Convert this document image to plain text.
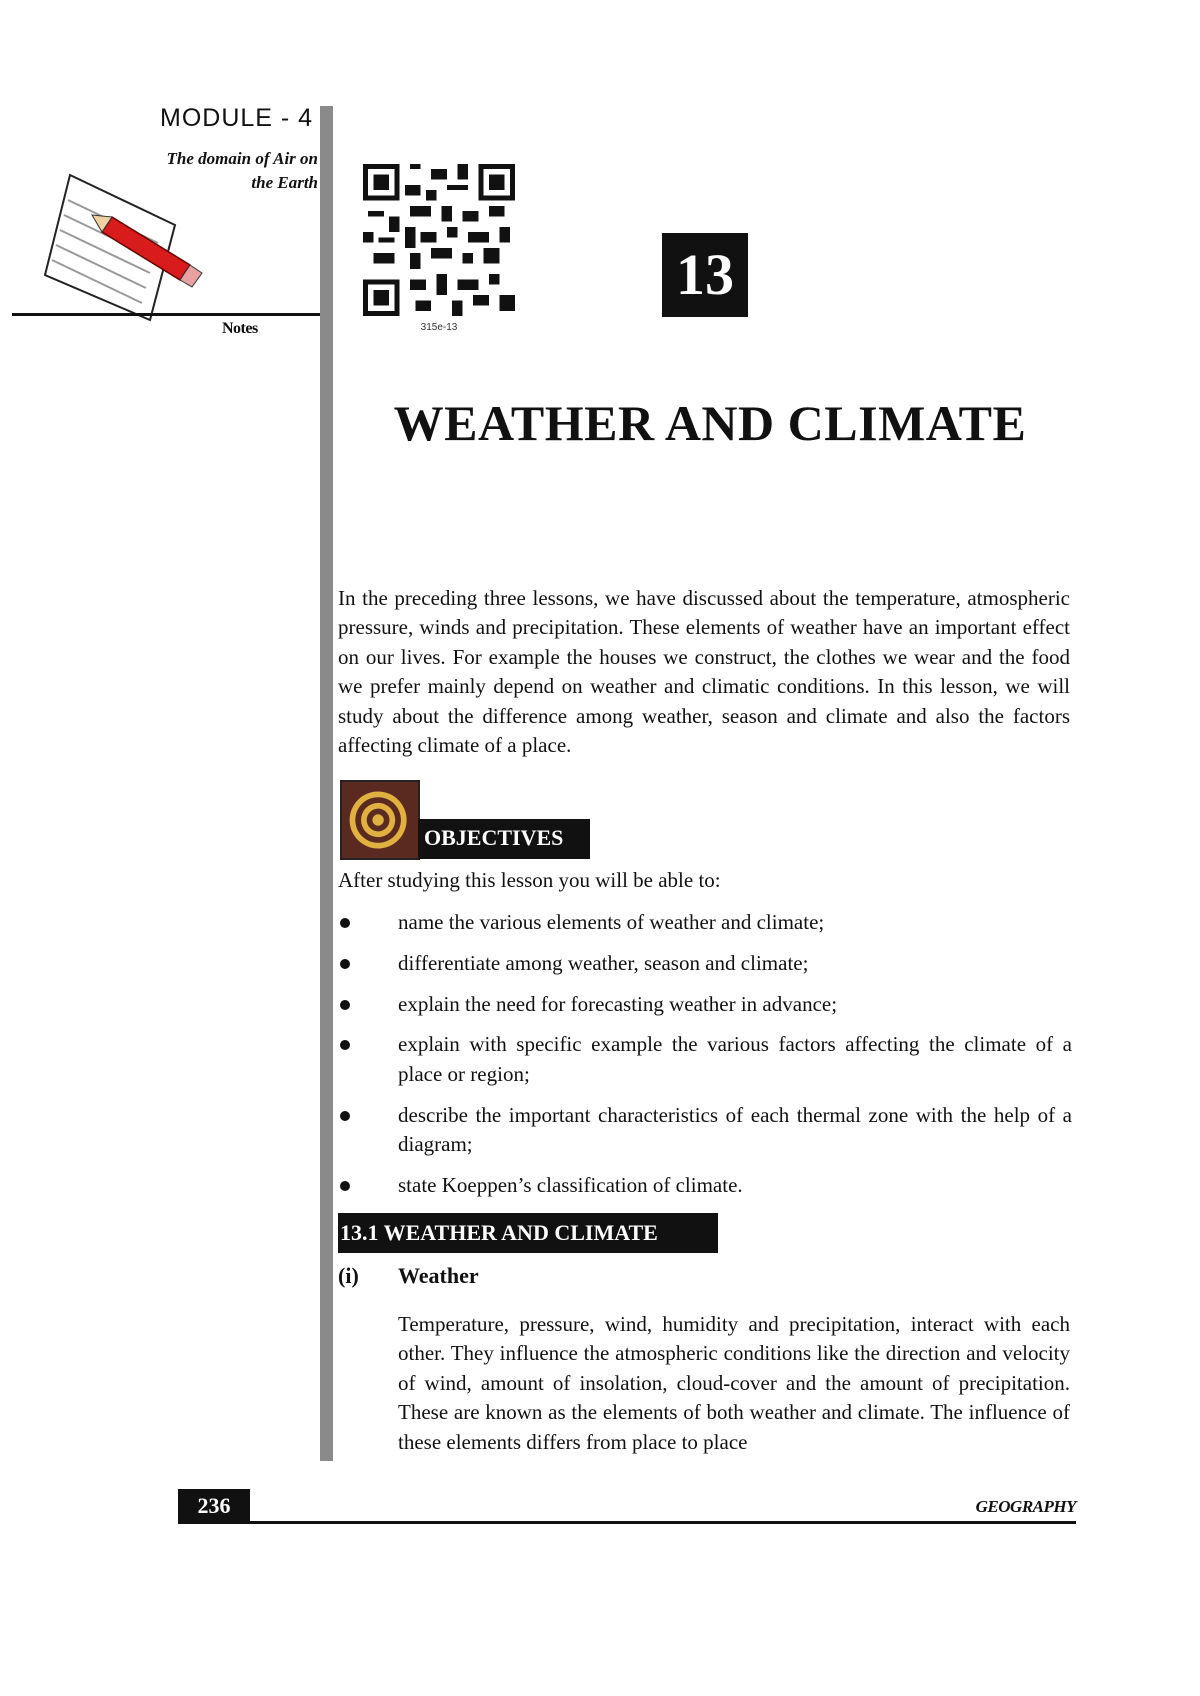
MODULE - 4
The domain of Air on
the Earth
Notes	315e-13
13
WEATHER AND CLIMATE

In the preceding three lessons, we have discussed about the temperature, atmospheric pressure, winds and precipitation. These elements of weather have an important effect on our lives. For example the houses we construct, the clothes we wear and the food we prefer mainly depend on weather and climatic conditions. In this lesson, we will study about the difference among weather, season and climate and also the factors affecting climate of a place.

OBJECTIVES
After studying this lesson you will be able to:
name the various elements of weather and climate;
differentiate among weather, season and climate;
explain the need for forecasting weather in advance;
explain with specific example the various factors affecting the climate of a place or region;
describe the important characteristics of each thermal zone with the help of a diagram;
state Koeppen’s classification of climate.
13.1 WEATHER AND CLIMATE
(i) Weather

Temperature, pressure, wind, humidity and precipitation, interact with each other. They influence the atmospheric conditions like the direction and velocity of wind, amount of insolation, cloud-cover and the amount of precipitation. These are known as the elements of both weather and climate. The influence of these elements differs from place to place

236	GEOGRAPHY
